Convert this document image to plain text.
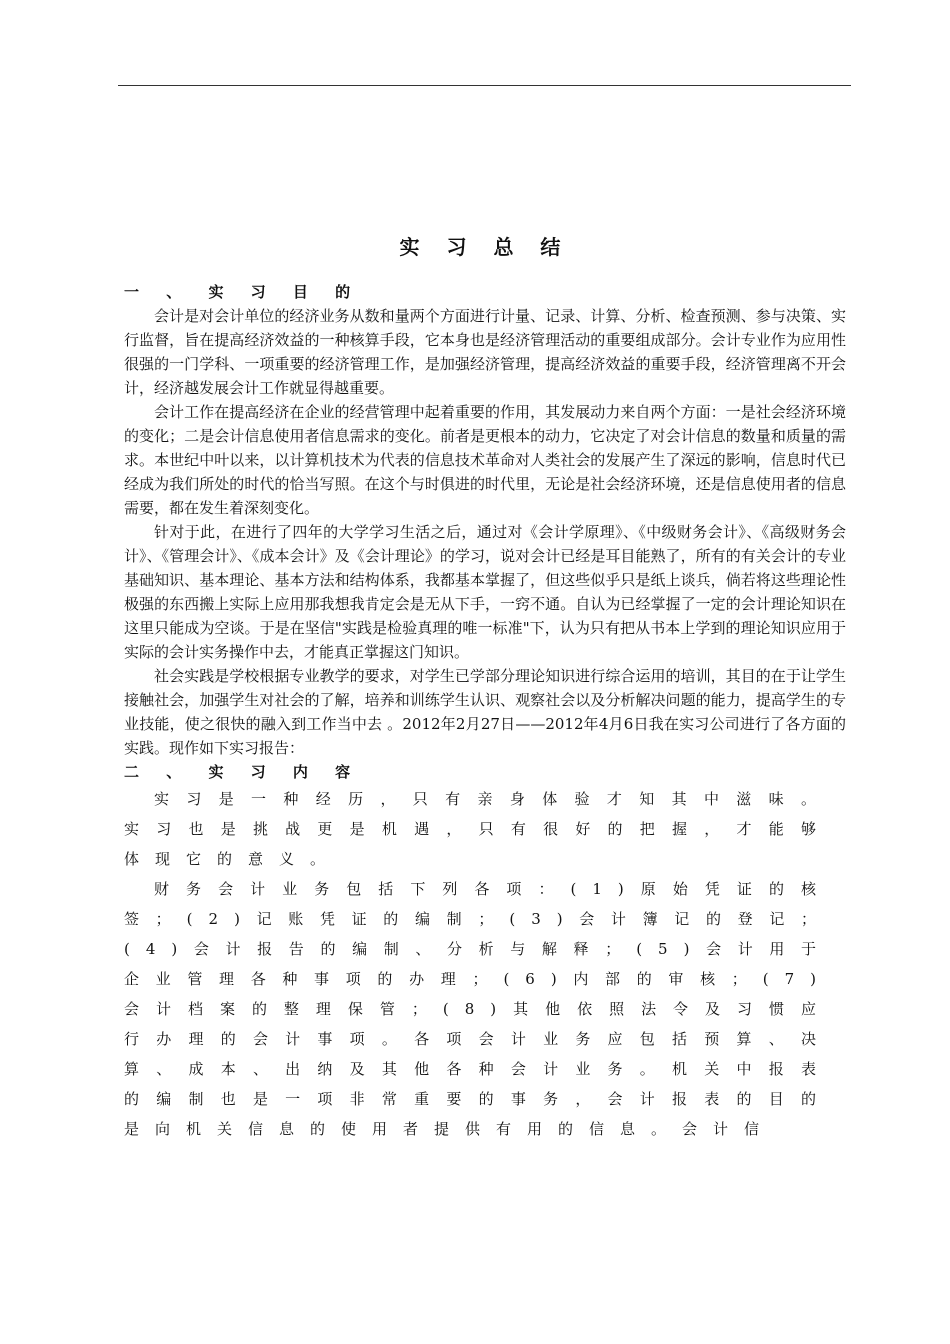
实 习 总 结
一 、 实 习 目 的

会计是对会计单位的经济业务从数和量两个方面进行计量、记录、计算、分析、检查预测、参与决策、实行监督，旨在提高经济效益的一种核算手段，它本身也是经济管理活动的重要组成部分。会计专业作为应用性很强的一门学科、一项重要的经济管理工作，是加强经济管理，提高经济效益的重要手段，经济管理离不开会计，经济越发展会计工作就显得越重要。

会计工作在提高经济在企业的经营管理中起着重要的作用，其发展动力来自两个方面：一是社会经济环境的变化；二是会计信息使用者信息需求的变化。前者是更根本的动力，它决定了对会计信息的数量和质量的需求。本世纪中叶以来，以计算机技术为代表的信息技术革命对人类社会的发展产生了深远的影响，信息时代已经成为我们所处的时代的恰当写照。在这个与时俱进的时代里，无论是社会经济环境，还是信息使用者的信息需要，都在发生着深刻变化。

针对于此，在进行了四年的大学学习生活之后，通过对《会计学原理》、《中级财务会计》、《高级财务会计》、《管理会计》、《成本会计》及《会计理论》的学习，说对会计已经是耳目能熟了，所有的有关会计的专业基础知识、基本理论、基本方法和结构体系，我都基本掌握了，但这些似乎只是纸上谈兵，倘若将这些理论性极强的东西搬上实际上应用那我想我肯定会是无从下手，一窍不通。自认为已经掌握了一定的会计理论知识在这里只能成为空谈。于是在坚信"实践是检验真理的唯一标准"下，认为只有把从书本上学到的理论知识应用于实际的会计实务操作中去，才能真正掌握这门知识。

社会实践是学校根据专业教学的要求，对学生已学部分理论知识进行综合运用的培训，其目的在于让学生接触社会，加强学生对社会的了解，培养和训练学生认识、观察社会以及分析解决问题的能力，提高学生的专业技能，使之很快的融入到工作当中去 。2012年2月27日——2012年4月6日我在实习公司进行了各方面的实践。现作如下实习报告：

二 、 实 习 内 容

实习是一种经历，只有亲身体验才知其中滋味。实习也是挑战更是机遇，只有很好的把握，才能够体现它的意义。

财务会计业务包括下列各项：(1)原始凭证的核签；(2)记账凭证的编制；(3)会计簿记的登记；(4)会计报告的编制、分析与解释；(5)会计用于企业管理各种事项的办理；(6)内部的审核；(7)会计档案的整理保管；(8)其他依照法令及习惯应行办理的会计事项。各项会计业务应包括预算、决算、成本、出纳及其他各种会计业务。机关中报表的编制也是一项非常重要的事务，会计报表的目的是向机关信息的使用者提供有用的信息。会计信
